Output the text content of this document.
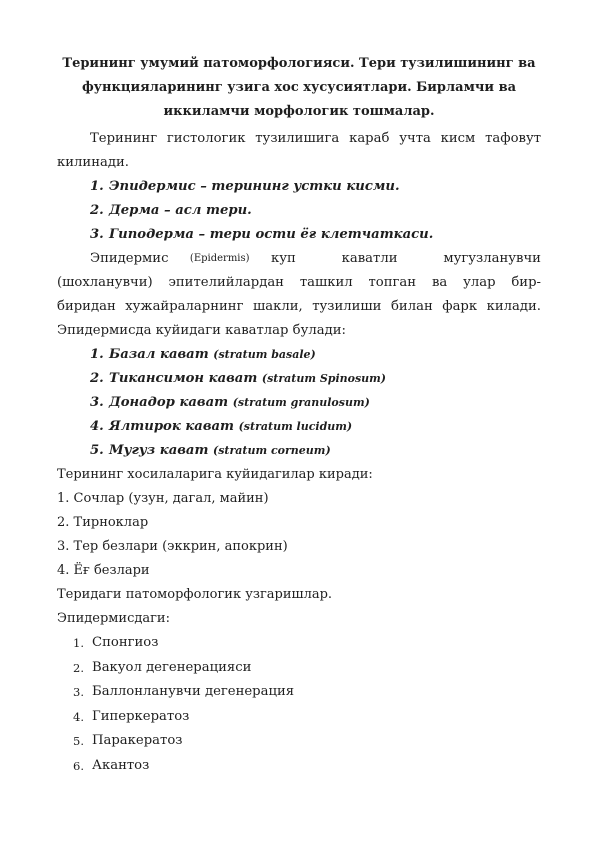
Терининг умумий патоморфологияси. Тери тузилишининг ва
функцияларининг узига хос хусусиятлари. Бирламчи ва
иккиламчи морфологик тошмалар.

Терининг гистологик тузилишига караб учта кисм тафовут

килинади.

1. Эпидермис – терининг устки кисми.
2. Дерма – асл тери.
3. Гиподерма – тери ости ёғ клетчаткаси.

Эпидермис (Epidermis) куп	каватли	мугузланувчи

(шохланувчи) эпителийлардан ташкил топган ва улар бир-

биридан хужайраларнинг шакли, тузилиши билан фарк килади.

Эпидермисда куйидаги каватлар булади:

1. Базал кават (stratum basale)
2. Тикансимон кават (stratum Spinosum)
3. Донадор кават (stratum granulosum)
4. Ялтирок кават (stratum lucidum)
5. Мугуз кават (stratum corneum)

Терининг хосилаларига куйидагилар киради:

1. Сочлар (узун, дагал, майин)

2. Тирноклар

3. Тер безлари (эккрин, апокрин)

4. Ёғ безлари

Теридаги патоморфологик узгаришлар.

Эпидермисдаги:

1. Спонгиоз
2. Вакуол дегенерацияси
3. Баллонланувчи дегенерация
4. Гиперкератоз
5. Паракератоз
6. Акантоз
